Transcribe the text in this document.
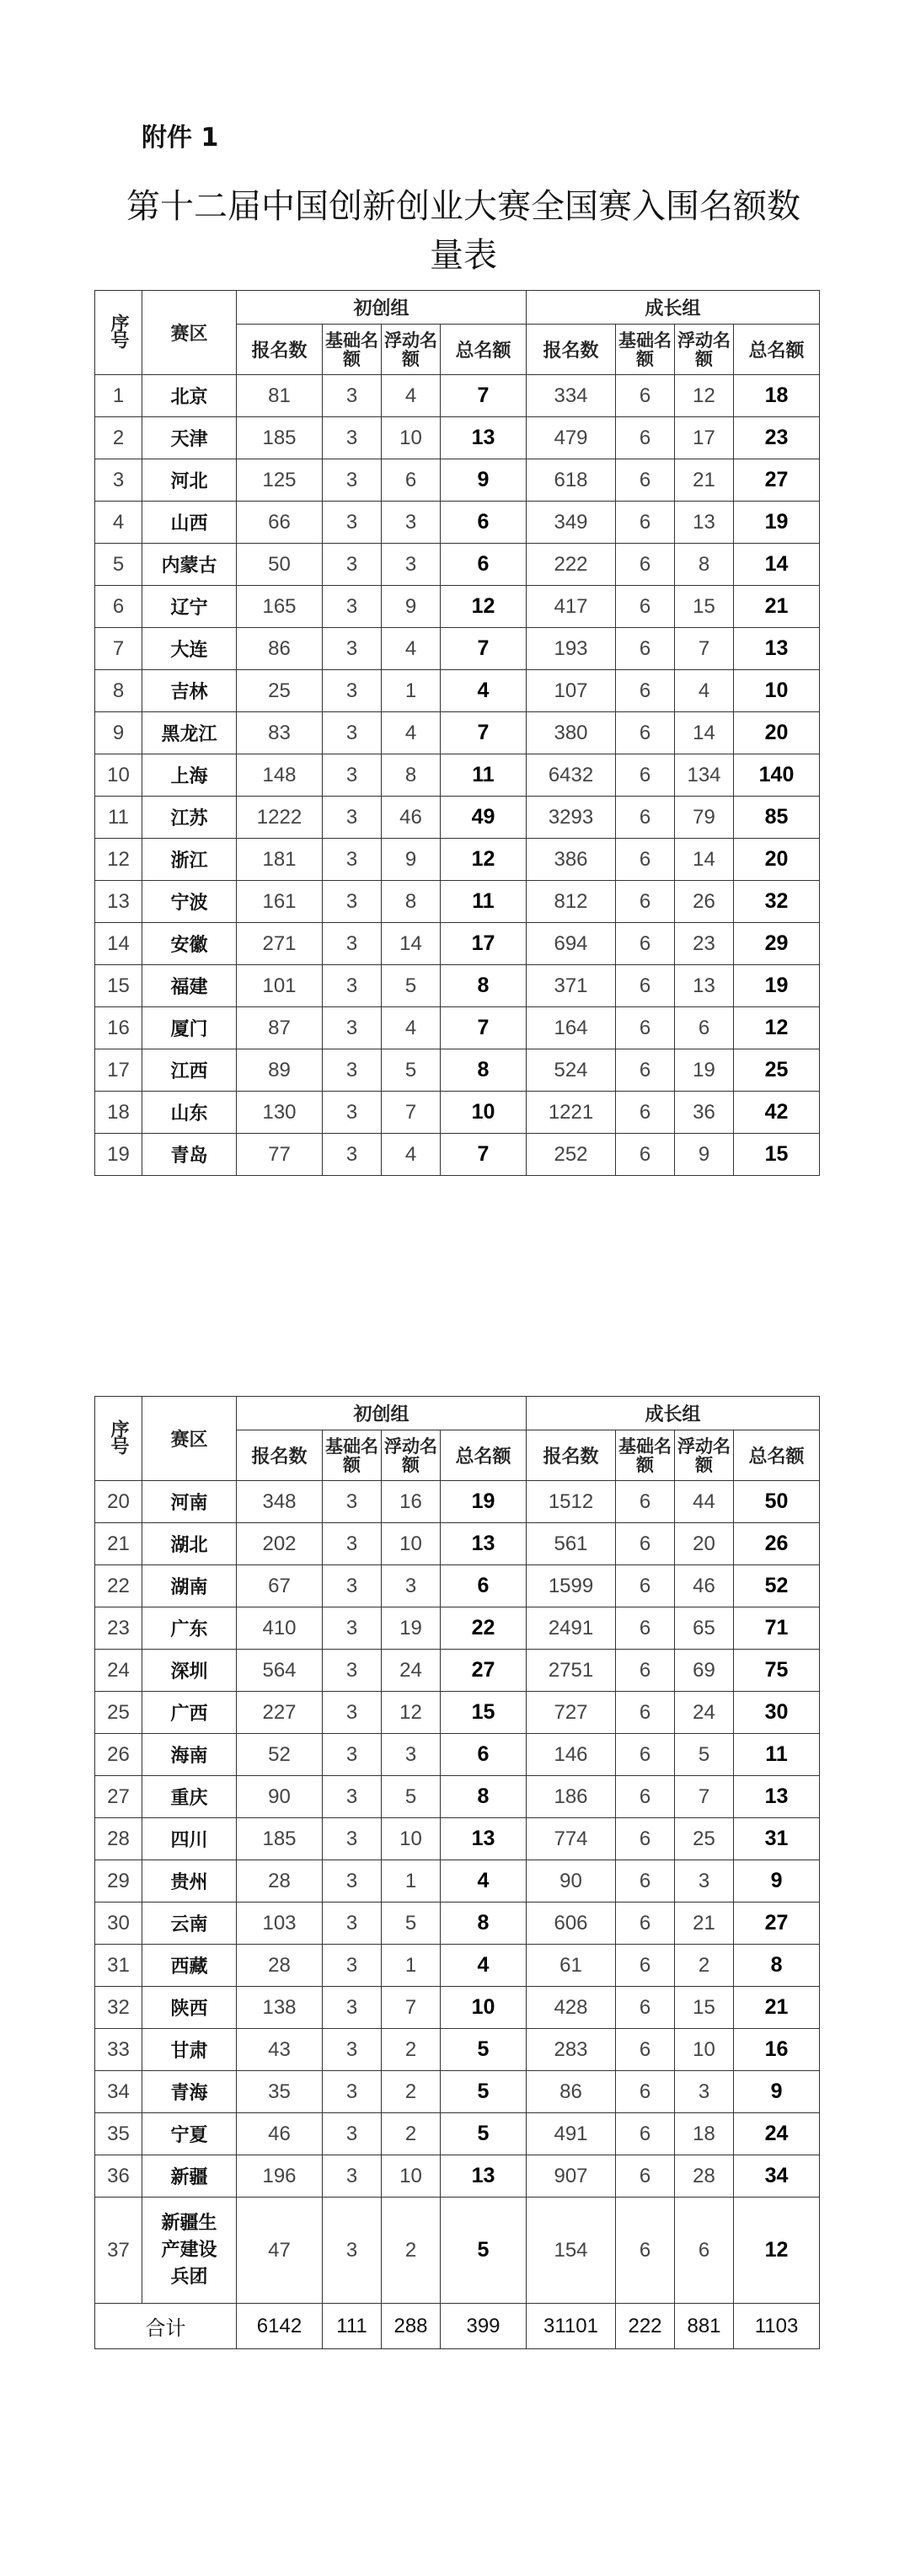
附件 1
第十二届中国创新创业大赛全国赛入围名额数量表
序号	赛区	初创组				成长组			
		报名数	基础名额	浮动名额	总名额	报名数	基础名额	浮动名额	总名额
1	北京	81	3	4	7	334	6	12	18
2	天津	185	3	10	13	479	6	17	23
3	河北	125	3	6	9	618	6	21	27
4	山西	66	3	3	6	349	6	13	19
5	内蒙古	50	3	3	6	222	6	8	14
6	辽宁	165	3	9	12	417	6	15	21
7	大连	86	3	4	7	193	6	7	13
8	吉林	25	3	1	4	107	6	4	10
9	黑龙江	83	3	4	7	380	6	14	20
10	上海	148	3	8	11	6432	6	134	140
11	江苏	1222	3	46	49	3293	6	79	85
12	浙江	181	3	9	12	386	6	14	20
13	宁波	161	3	8	11	812	6	26	32
14	安徽	271	3	14	17	694	6	23	29
15	福建	101	3	5	8	371	6	13	19
16	厦门	87	3	4	7	164	6	6	12
17	江西	89	3	5	8	524	6	19	25
18	山东	130	3	7	10	1221	6	36	42
19	青岛	77	3	4	7	252	6	9	15
序号	赛区	初创组				成长组			
		报名数	基础名额	浮动名额	总名额	报名数	基础名额	浮动名额	总名额
20	河南	348	3	16	19	1512	6	44	50
21	湖北	202	3	10	13	561	6	20	26
22	湖南	67	3	3	6	1599	6	46	52
23	广东	410	3	19	22	2491	6	65	71
24	深圳	564	3	24	27	2751	6	69	75
25	广西	227	3	12	15	727	6	24	30
26	海南	52	3	3	6	146	6	5	11
27	重庆	90	3	5	8	186	6	7	13
28	四川	185	3	10	13	774	6	25	31
29	贵州	28	3	1	4	90	6	3	9
30	云南	103	3	5	8	606	6	21	27
31	西藏	28	3	1	4	61	6	2	8
32	陕西	138	3	7	10	428	6	15	21
33	甘肃	43	3	2	5	283	6	10	16
34	青海	35	3	2	5	86	6	3	9
35	宁夏	46	3	2	5	491	6	18	24
36	新疆	196	3	10	13	907	6	28	34
37	新疆生产建设兵团	47	3	2	5	154	6	6	12
合计		6142	111	288	399	31101	222	881	1103
